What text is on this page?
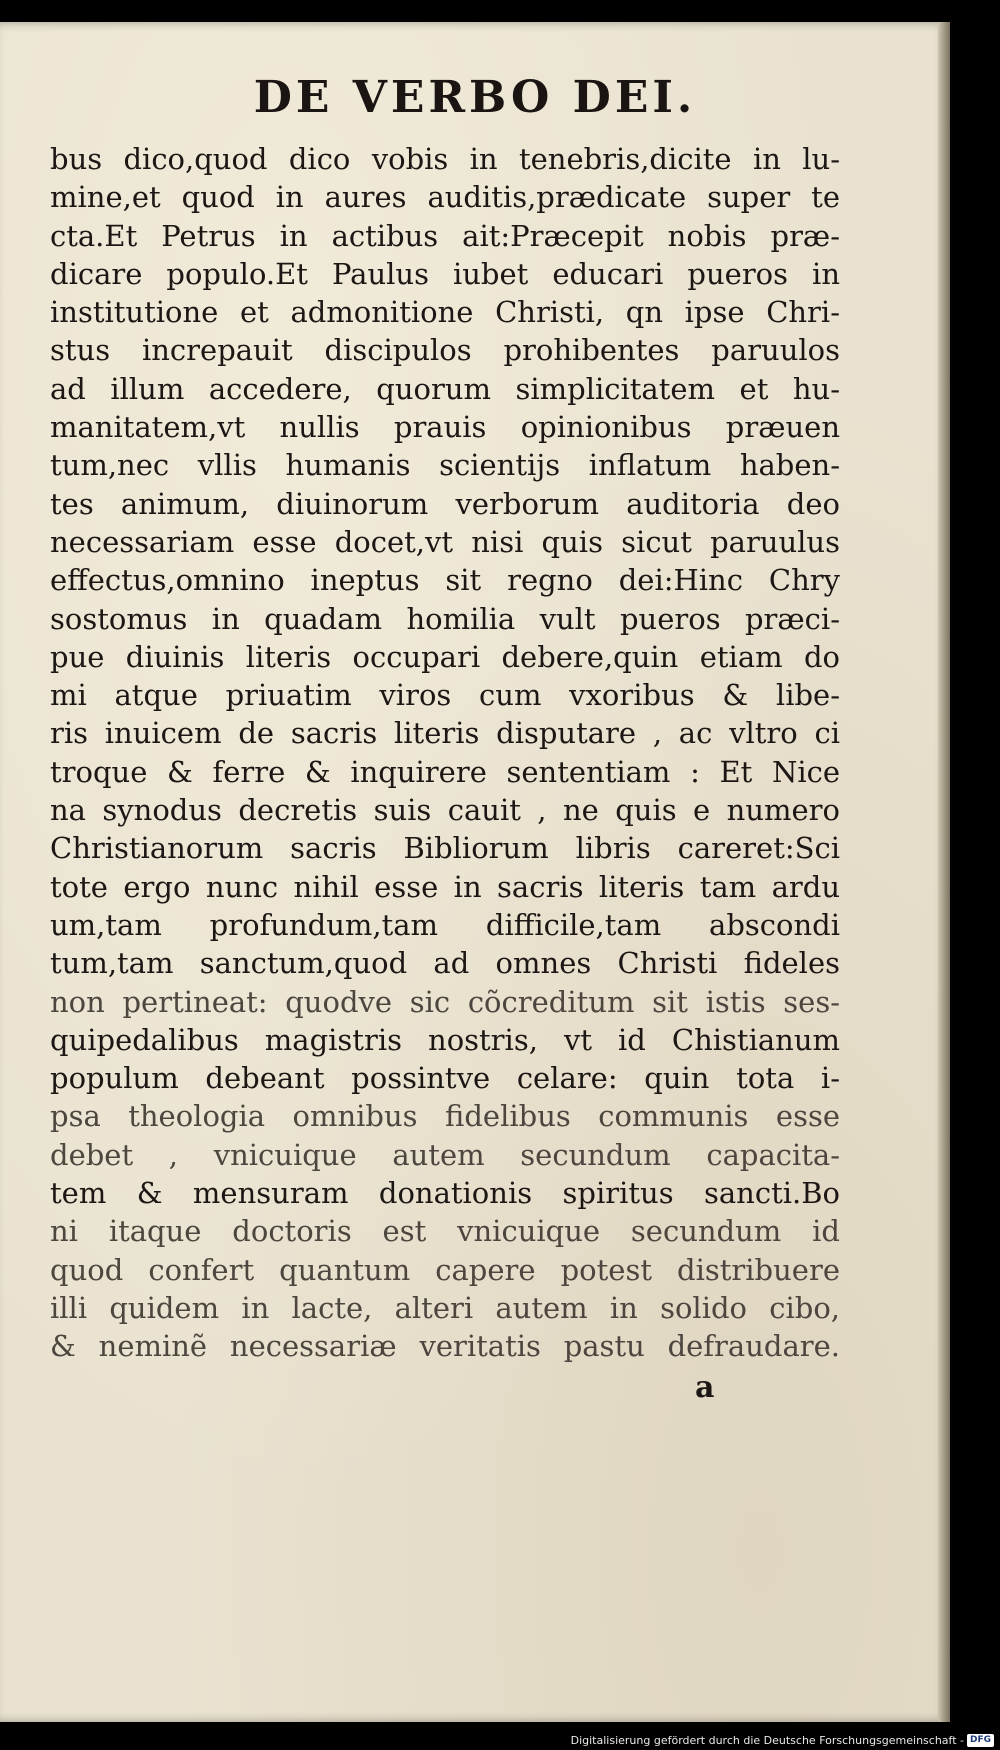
DE VERBO DEI.
bus dico,quod dico vobis in tenebris,dicite in lu-
mine,et quod in aures auditis,prædicate super te
cta.Et Petrus in actibus ait:Præcepit nobis præ-
dicare populo.Et Paulus iubet educari pueros in
institutione et admonitione Christi, qn ipse Chri-
stus increpauit discipulos prohibentes paruulos
ad illum accedere, quorum simplicitatem et hu-
manitatem,vt nullis prauis opinionibus præuen
tum,nec vllis humanis scientijs inflatum haben-
tes animum, diuinorum verborum auditoria deo
necessariam esse docet,vt nisi quis sicut paruulus
effectus,omnino ineptus sit regno dei:Hinc Chry
sostomus in quadam homilia vult pueros præci-
pue diuinis literis occupari debere,quin etiam do
mi atque priuatim viros cum vxoribus & libe-
ris inuicem de sacris literis disputare , ac vltro ci
troque & ferre & inquirere sententiam : Et Nice
na synodus decretis suis cauit , ne quis e numero
Christianorum sacris Bibliorum libris careret:Sci
tote ergo nunc nihil esse in sacris literis tam ardu
um,tam profundum,tam difficile,tam abscondi
tum,tam sanctum,quod ad omnes Christi fideles
non pertineat: quodve sic cõcreditum sit istis ses-
quipedalibus magistris nostris, vt id Chistianum
populum debeant possintve celare: quin tota i-
psa theologia omnibus fidelibus communis esse
debet , vnicuique autem secundum capacita-
tem & mensuram donationis spiritus sancti.Bo
ni itaque doctoris est vnicuique secundum id
quod confert quantum capere potest distribuere
illi quidem in lacte, alteri autem in solido cibo,
& neminẽ necessariæ veritatis pastu defraudare.
a
Digitalisierung gefördert durch die Deutsche Forschungsgemeinschaft - DFG
